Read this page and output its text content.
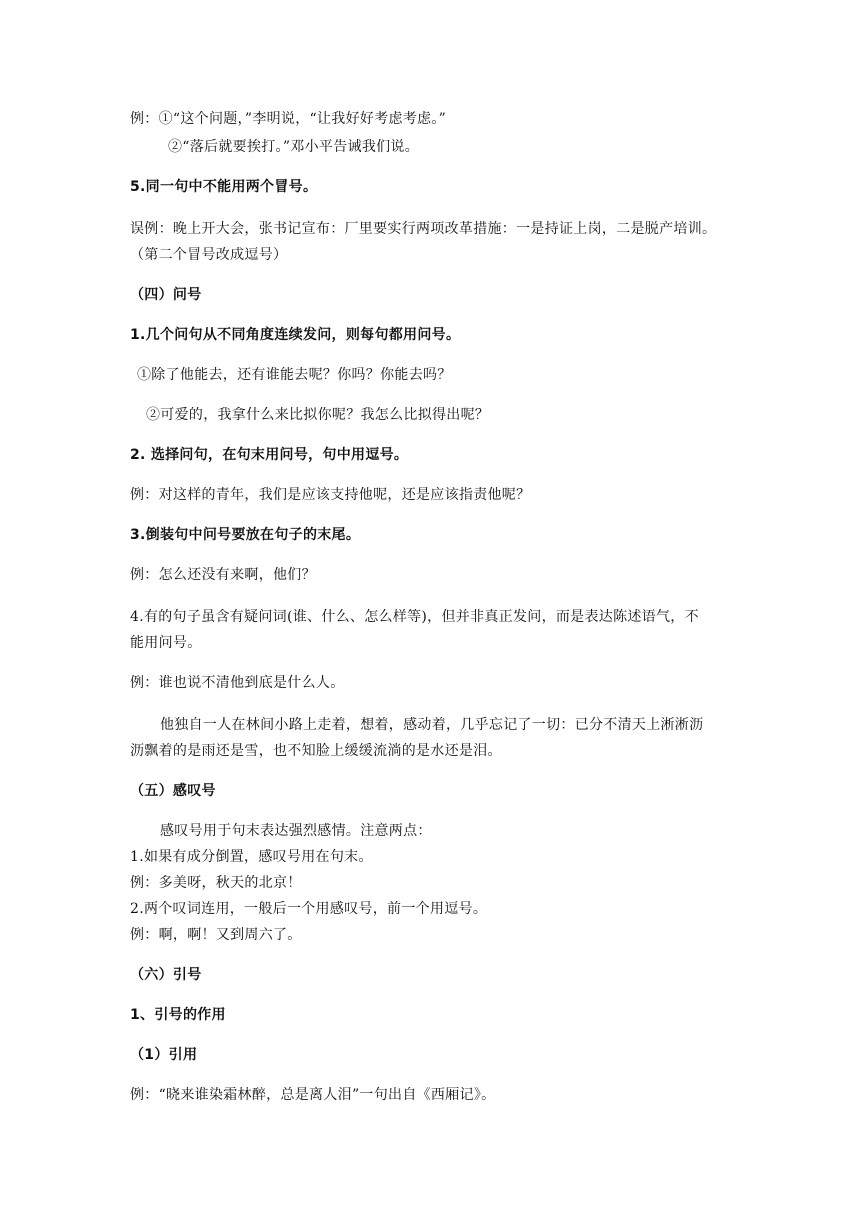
例：①“这个问题，”李明说，“让我好好考虑考虑。”
②“落后就要挨打。”邓小平告诫我们说。
5.同一句中不能用两个冒号。
误例：晚上开大会，张书记宣布：厂里要实行两项改革措施：一是持证上岗，二是脱产培训。
（第二个冒号改成逗号）
（四）问号
1.几个问句从不同角度连续发问，则每句都用问号。
①除了他能去，还有谁能去呢？你吗？你能去吗？
②可爱的，我拿什么来比拟你呢？我怎么比拟得出呢？
2. 选择问句，在句末用问号，句中用逗号。
例：对这样的青年，我们是应该支持他呢，还是应该指责他呢？
3.倒装句中问号要放在句子的末尾。
例：怎么还没有来啊，他们？
4.有的句子虽含有疑问词(谁、什么、怎么样等)，但并非真正发问，而是表达陈述语气，不
能用问号。
例：谁也说不清他到底是什么人。
他独自一人在林间小路上走着，想着，感动着，几乎忘记了一切：已分不清天上淅淅沥
沥飘着的是雨还是雪，也不知脸上缓缓流淌的是水还是泪。
（五）感叹号
感叹号用于句末表达强烈感情。注意两点：
1.如果有成分倒置，感叹号用在句末。
例：多美呀，秋天的北京！
2.两个叹词连用，一般后一个用感叹号，前一个用逗号。
例：啊，啊！又到周六了。
（六）引号
1、引号的作用
（1）引用
例：“晓来谁染霜林醉，总是离人泪”一句出自《西厢记》。
